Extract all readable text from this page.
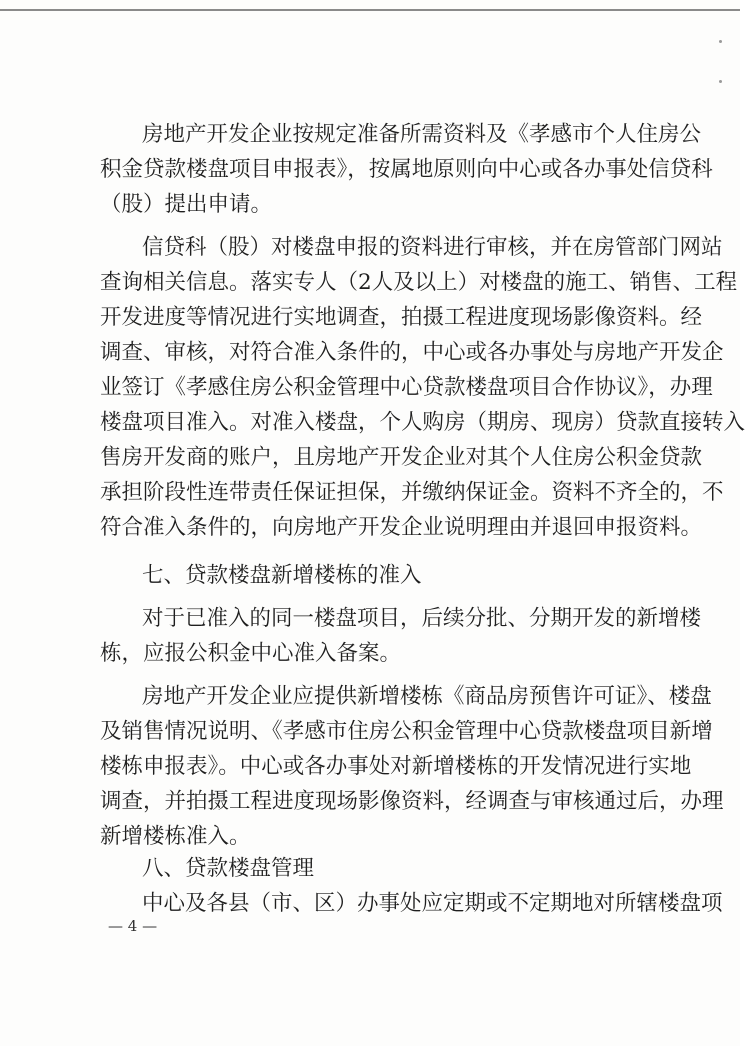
房地产开发企业按规定准备所需资料及《孝感市个人住房公
积金贷款楼盘项目申报表》，按属地原则向中心或各办事处信贷科
（股）提出申请。
信贷科（股）对楼盘申报的资料进行审核，并在房管部门网站
查询相关信息。落实专人（2人及以上）对楼盘的施工、销售、工程
开发进度等情况进行实地调查，拍摄工程进度现场影像资料。经
调查、审核，对符合准入条件的，中心或各办事处与房地产开发企
业签订《孝感住房公积金管理中心贷款楼盘项目合作协议》，办理
楼盘项目准入。对准入楼盘，个人购房（期房、现房）贷款直接转入
售房开发商的账户，且房地产开发企业对其个人住房公积金贷款
承担阶段性连带责任保证担保，并缴纳保证金。资料不齐全的，不
符合准入条件的，向房地产开发企业说明理由并退回申报资料。
七、贷款楼盘新增楼栋的准入
对于已准入的同一楼盘项目，后续分批、分期开发的新增楼
栋，应报公积金中心准入备案。
房地产开发企业应提供新增楼栋《商品房预售许可证》、楼盘
及销售情况说明、《孝感市住房公积金管理中心贷款楼盘项目新增
楼栋申报表》。中心或各办事处对新增楼栋的开发情况进行实地
调查，并拍摄工程进度现场影像资料，经调查与审核通过后，办理
新增楼栋准入。
八、贷款楼盘管理
中心及各县（市、区）办事处应定期或不定期地对所辖楼盘项
— 4 —
